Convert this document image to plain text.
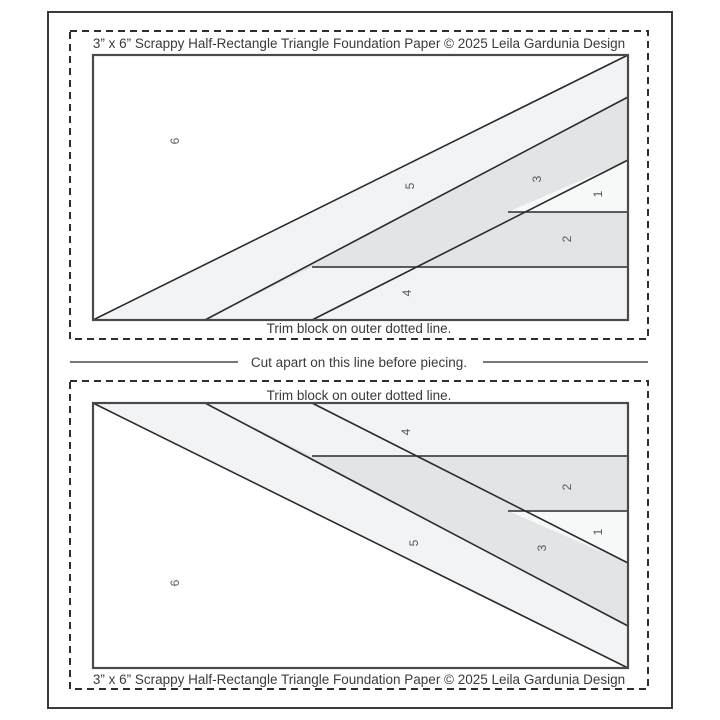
3” x 6” Scrappy Half-Rectangle Triangle Foundation Paper © 2025 Leila Gardunia Design
6
5
3
1
2
4
Trim block on outer dotted line.
Cut apart on this line before piecing.
Trim block on outer dotted line.
6
5
3
1
2
4
3” x 6” Scrappy Half-Rectangle Triangle Foundation Paper © 2025 Leila Gardunia Design
